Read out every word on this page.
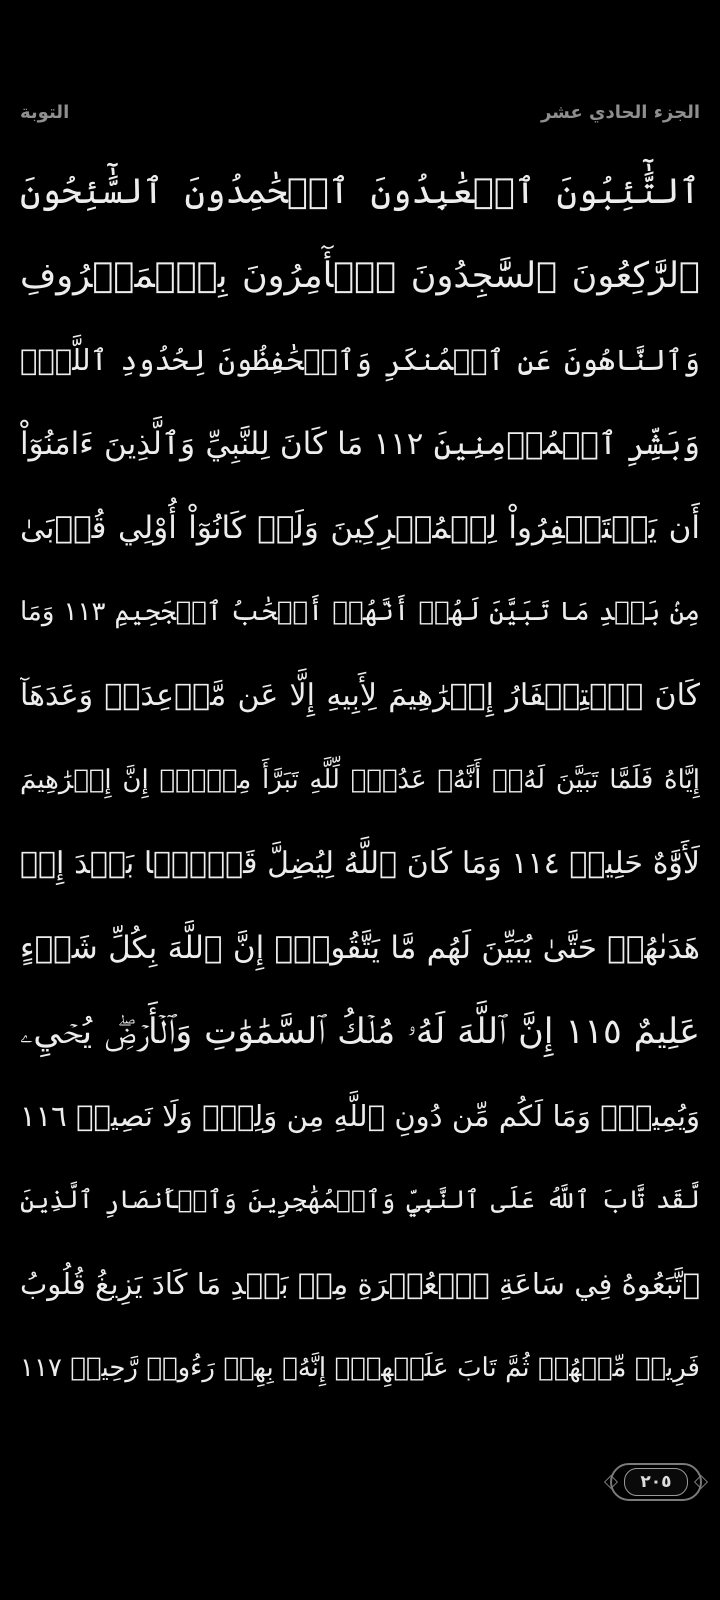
التوبة	الجزء الحادي عشر
ٱلتَّٰٓئِبُونَ ٱلۡعَٰبِدُونَ ٱلۡحَٰمِدُونَ ٱلسَّٰٓئِحُونَ
ٱلرَّٰكِعُونَ ٱلسَّٰجِدُونَ ٱلۡأٓمِرُونَ بِٱلۡمَعۡرُوفِ
وَٱلنَّاهُونَ عَنِ ٱلۡمُنكَرِ وَٱلۡحَٰفِظُونَ لِحُدُودِ ٱللَّهِۗ
وَبَشِّرِ ٱلۡمُؤۡمِنِينَ ١١٢ مَا كَانَ لِلنَّبِيِّ وَٱلَّذِينَ ءَامَنُوٓاْ
أَن يَسۡتَغۡفِرُواْ لِلۡمُشۡرِكِينَ وَلَوۡ كَانُوٓاْ أُوْلِي قُرۡبَىٰ
مِنۢ بَعۡدِ مَا تَبَيَّنَ لَهُمۡ أَنَّهُمۡ أَصۡحَٰبُ ٱلۡجَحِيمِ ١١٣ وَمَا
كَانَ ٱسۡتِغۡفَارُ إِبۡرَٰهِيمَ لِأَبِيهِ إِلَّا عَن مَّوۡعِدَةٖ وَعَدَهَآ
إِيَّاهُ فَلَمَّا تَبَيَّنَ لَهُۥٓ أَنَّهُۥ عَدُوّٞ لِّلَّهِ تَبَرَّأَ مِنۡهُۚ إِنَّ إِبۡرَٰهِيمَ
لَأَوَّٰهٌ حَلِيمٞ ١١٤ وَمَا كَانَ ٱللَّهُ لِيُضِلَّ قَوۡمَۢا بَعۡدَ إِذۡ
هَدَىٰهُمۡ حَتَّىٰ يُبَيِّنَ لَهُم مَّا يَتَّقُونَۚ إِنَّ ٱللَّهَ بِكُلِّ شَيۡءٍ
عَلِيمٌ ١١٥ إِنَّ ٱللَّهَ لَهُۥ مُلۡكُ ٱلسَّمَٰوَٰتِ وَٱلۡأَرۡضِۖ يُحۡيِۦ
وَيُمِيتُۚ وَمَا لَكُم مِّن دُونِ ٱللَّهِ مِن وَلِيّٖ وَلَا نَصِيرٖ ١١٦
لَّقَد تَّابَ ٱللَّهُ عَلَى ٱلنَّبِيِّ وَٱلۡمُهَٰجِرِينَ وَٱلۡأَنصَارِ ٱلَّذِينَ
ٱتَّبَعُوهُ فِي سَاعَةِ ٱلۡعُسۡرَةِ مِنۢ بَعۡدِ مَا كَادَ يَزِيغُ قُلُوبُ
فَرِيقٖ مِّنۡهُمۡ ثُمَّ تَابَ عَلَيۡهِمۡۚ إِنَّهُۥ بِهِمۡ رَءُوفٞ رَّحِيمٞ ١١٧
٢٠٥
